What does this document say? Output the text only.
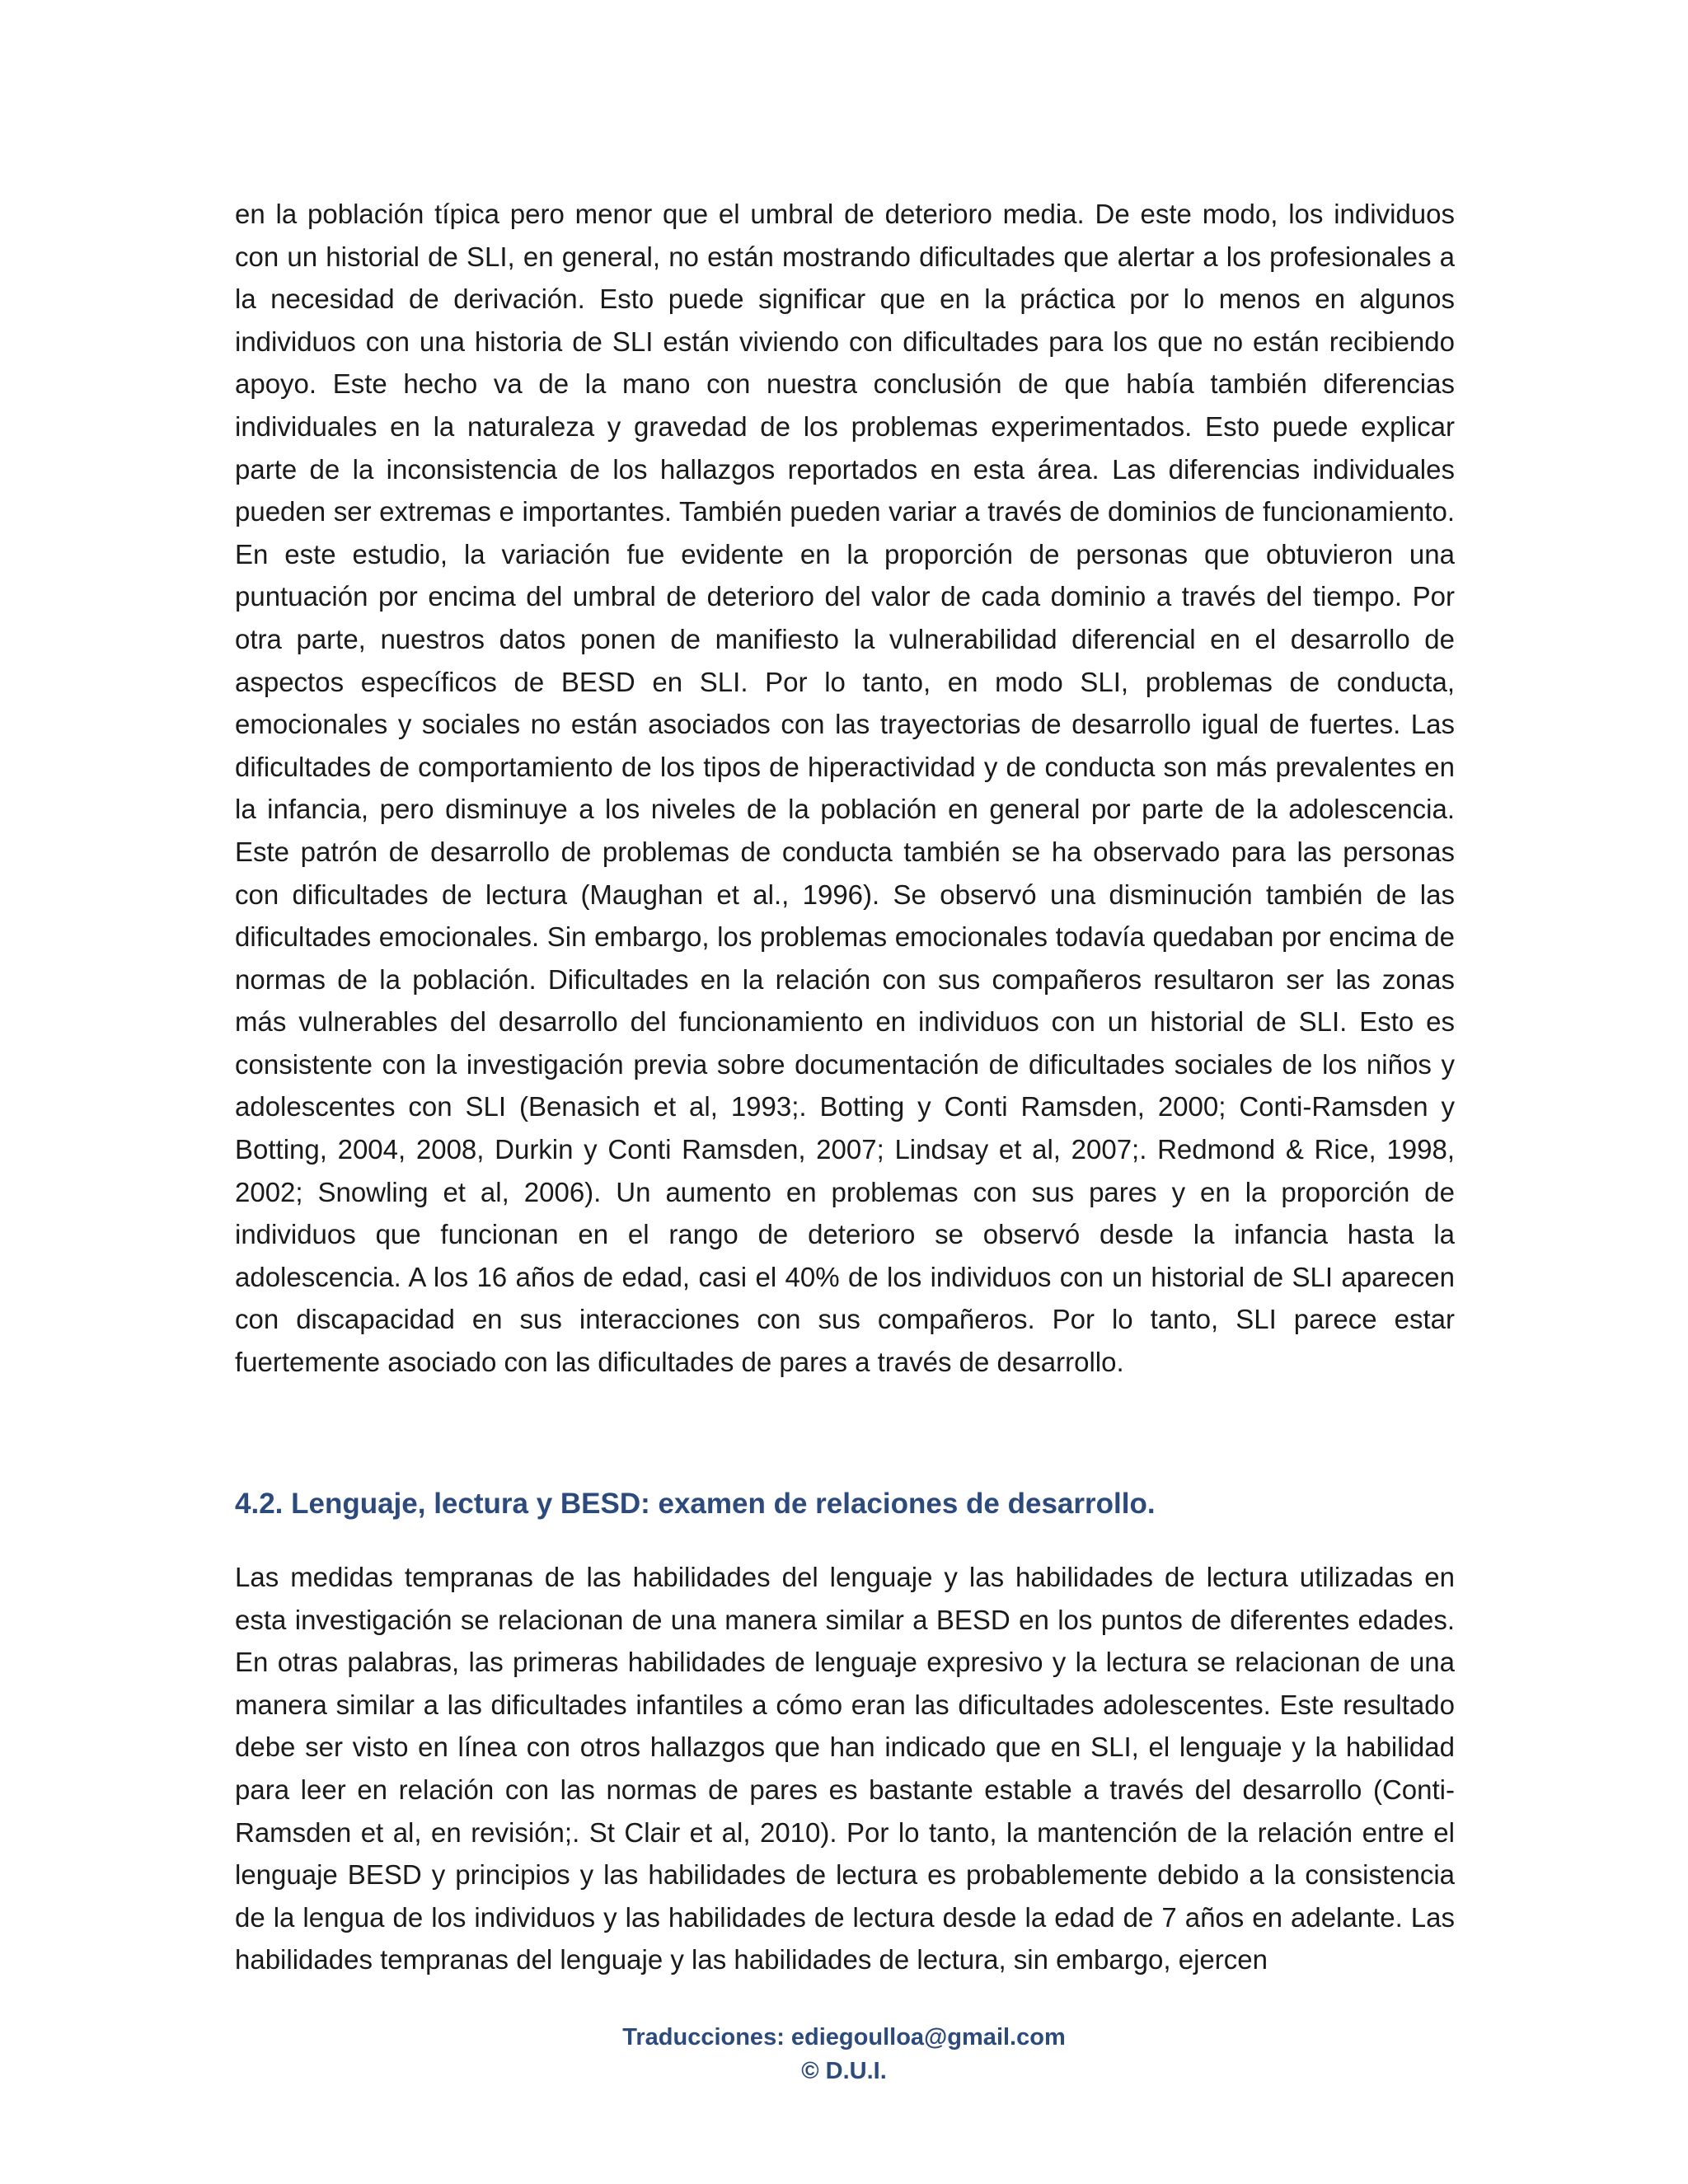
en la población típica pero menor que el umbral de deterioro media. De este modo, los individuos con un historial de SLI, en general, no están mostrando dificultades que alertar a los profesionales a la necesidad de derivación. Esto puede significar que en la práctica por lo menos en algunos individuos con una historia de SLI están viviendo con dificultades para los que no están recibiendo apoyo. Este hecho va de la mano con nuestra conclusión de que había también diferencias individuales en la naturaleza y gravedad de los problemas experimentados. Esto puede explicar parte de la inconsistencia de los hallazgos reportados en esta área. Las diferencias individuales pueden ser extremas e importantes. También pueden variar a través de dominios de funcionamiento. En este estudio, la variación fue evidente en la proporción de personas que obtuvieron una puntuación por encima del umbral de deterioro del valor de cada dominio a través del tiempo. Por otra parte, nuestros datos ponen de manifiesto la vulnerabilidad diferencial en el desarrollo de aspectos específicos de BESD en SLI. Por lo tanto, en modo SLI, problemas de conducta, emocionales y sociales no están asociados con las trayectorias de desarrollo igual de fuertes. Las dificultades de comportamiento de los tipos de hiperactividad y de conducta son más prevalentes en la infancia, pero disminuye a los niveles de la población en general por parte de la adolescencia. Este patrón de desarrollo de problemas de conducta también se ha observado para las personas con dificultades de lectura (Maughan et al., 1996). Se observó una disminución también de las dificultades emocionales. Sin embargo, los problemas emocionales todavía quedaban por encima de normas de la población. Dificultades en la relación con sus compañeros resultaron ser las zonas más vulnerables del desarrollo del funcionamiento en individuos con un historial de SLI. Esto es consistente con la investigación previa sobre documentación de dificultades sociales de los niños y adolescentes con SLI (Benasich et al, 1993;. Botting y Conti Ramsden, 2000; Conti-Ramsden y Botting, 2004, 2008, Durkin y Conti Ramsden, 2007; Lindsay et al, 2007;. Redmond & Rice, 1998, 2002; Snowling et al, 2006). Un aumento en problemas con sus pares y en la proporción de individuos que funcionan en el rango de deterioro se observó desde la infancia hasta la adolescencia. A los 16 años de edad, casi el 40% de los individuos con un historial de SLI aparecen con discapacidad en sus interacciones con sus compañeros. Por lo tanto, SLI parece estar fuertemente asociado con las dificultades de pares a través de desarrollo.

4.2. Lenguaje, lectura y BESD: examen de relaciones de desarrollo.

Las medidas tempranas de las habilidades del lenguaje y las habilidades de lectura utilizadas en esta investigación se relacionan de una manera similar a BESD en los puntos de diferentes edades. En otras palabras, las primeras habilidades de lenguaje expresivo y la lectura se relacionan de una manera similar a las dificultades infantiles a cómo eran las dificultades adolescentes. Este resultado debe ser visto en línea con otros hallazgos que han indicado que en SLI, el lenguaje y la habilidad para leer en relación con las normas de pares es bastante estable a través del desarrollo (Conti-Ramsden et al, en revisión;. St Clair et al, 2010). Por lo tanto, la mantención de la relación entre el lenguaje BESD y principios y las habilidades de lectura es probablemente debido a la consistencia de la lengua de los individuos y las habilidades de lectura desde la edad de 7 años en adelante. Las habilidades tempranas del lenguaje y las habilidades de lectura, sin embargo, ejercen

Traducciones: ediegoulloa@gmail.com
© D.U.I.
